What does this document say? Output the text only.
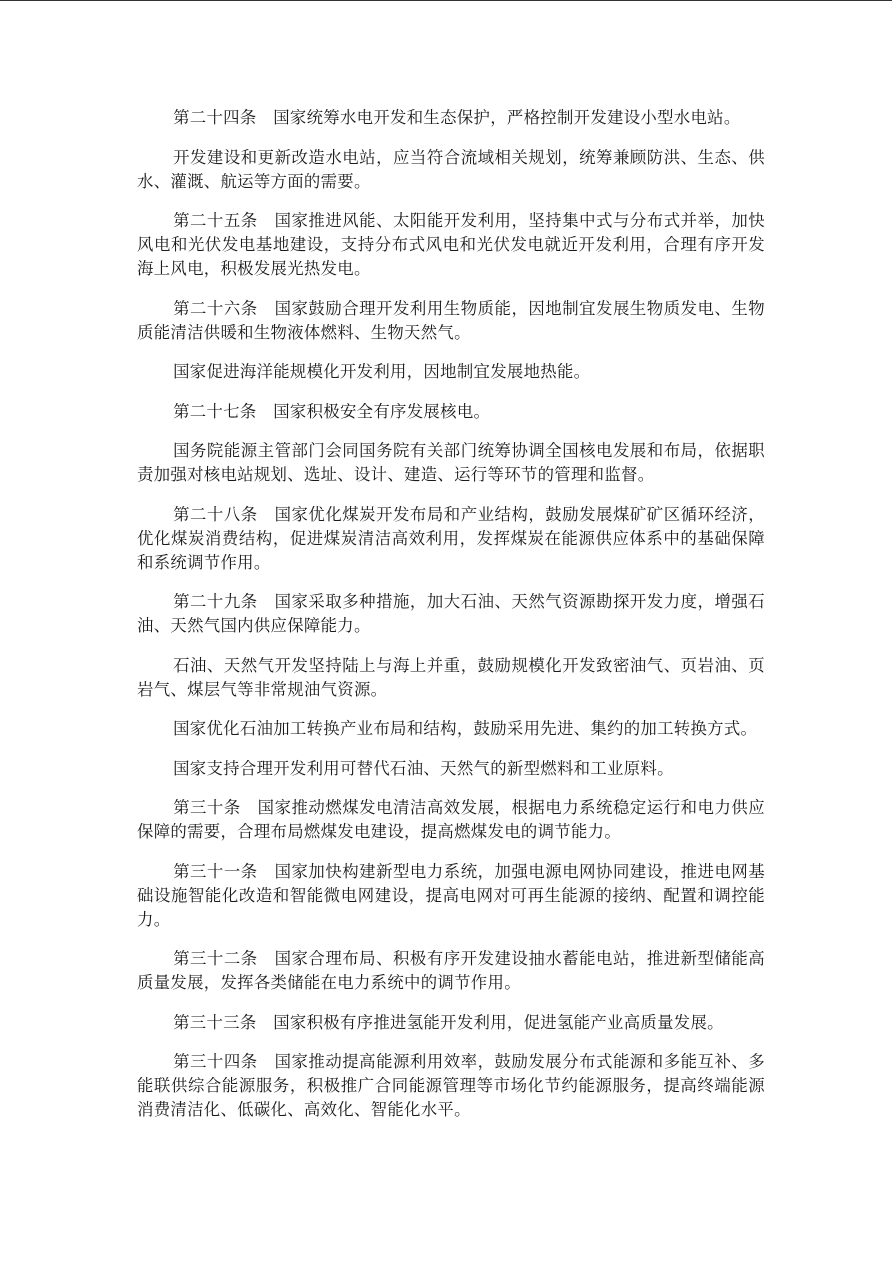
第二十四条　国家统筹水电开发和生态保护，严格控制开发建设小型水电站。

开发建设和更新改造水电站，应当符合流域相关规划，统筹兼顾防洪、生态、供水、灌溉、航运等方面的需要。

第二十五条　国家推进风能、太阳能开发利用，坚持集中式与分布式并举，加快风电和光伏发电基地建设，支持分布式风电和光伏发电就近开发利用，合理有序开发海上风电，积极发展光热发电。

第二十六条　国家鼓励合理开发利用生物质能，因地制宜发展生物质发电、生物质能清洁供暖和生物液体燃料、生物天然气。

国家促进海洋能规模化开发利用，因地制宜发展地热能。

第二十七条　国家积极安全有序发展核电。

国务院能源主管部门会同国务院有关部门统筹协调全国核电发展和布局，依据职责加强对核电站规划、选址、设计、建造、运行等环节的管理和监督。

第二十八条　国家优化煤炭开发布局和产业结构，鼓励发展煤矿矿区循环经济，优化煤炭消费结构，促进煤炭清洁高效利用，发挥煤炭在能源供应体系中的基础保障和系统调节作用。

第二十九条　国家采取多种措施，加大石油、天然气资源勘探开发力度，增强石油、天然气国内供应保障能力。

石油、天然气开发坚持陆上与海上并重，鼓励规模化开发致密油气、页岩油、页岩气、煤层气等非常规油气资源。

国家优化石油加工转换产业布局和结构，鼓励采用先进、集约的加工转换方式。

国家支持合理开发利用可替代石油、天然气的新型燃料和工业原料。

第三十条　国家推动燃煤发电清洁高效发展，根据电力系统稳定运行和电力供应保障的需要，合理布局燃煤发电建设，提高燃煤发电的调节能力。

第三十一条　国家加快构建新型电力系统，加强电源电网协同建设，推进电网基础设施智能化改造和智能微电网建设，提高电网对可再生能源的接纳、配置和调控能力。

第三十二条　国家合理布局、积极有序开发建设抽水蓄能电站，推进新型储能高质量发展，发挥各类储能在电力系统中的调节作用。

第三十三条　国家积极有序推进氢能开发利用，促进氢能产业高质量发展。

第三十四条　国家推动提高能源利用效率，鼓励发展分布式能源和多能互补、多能联供综合能源服务，积极推广合同能源管理等市场化节约能源服务，提高终端能源消费清洁化、低碳化、高效化、智能化水平。
